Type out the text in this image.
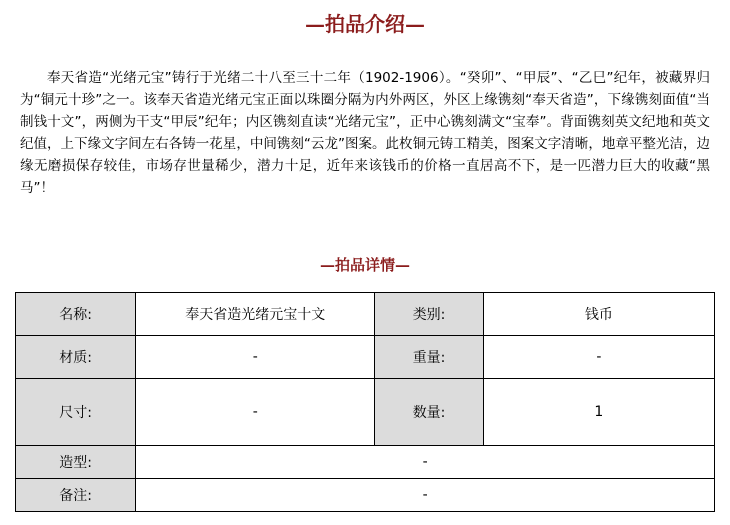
—拍品介绍—

奉天省造“光绪元宝”铸行于光绪二十八至三十二年（1902-1906）。“癸卯”、“甲辰”、“乙巳”纪年，被藏界归为“铜元十珍”之一。该奉天省造光绪元宝正面以珠圈分隔为内外两区，外区上缘镌刻“奉天省造”，下缘镌刻面值“当制钱十文”，两侧为干支“甲辰”纪年；内区镌刻直读“光绪元宝”，正中心镌刻满文“宝奉”。背面镌刻英文纪地和英文纪值，上下缘文字间左右各铸一花星，中间镌刻“云龙”图案。此枚铜元铸工精美，图案文字清晰，地章平整光洁，边缘无磨损保存较佳，市场存世量稀少，潜力十足，近年来该钱币的价格一直居高不下，是一匹潜力巨大的收藏“黑马”！

—拍品详情—
名称:	奉天省造光绪元宝十文	类别:	钱币
材质:	-	重量:	-
尺寸:	-	数量:	1
造型:	-		
备注:	-		
